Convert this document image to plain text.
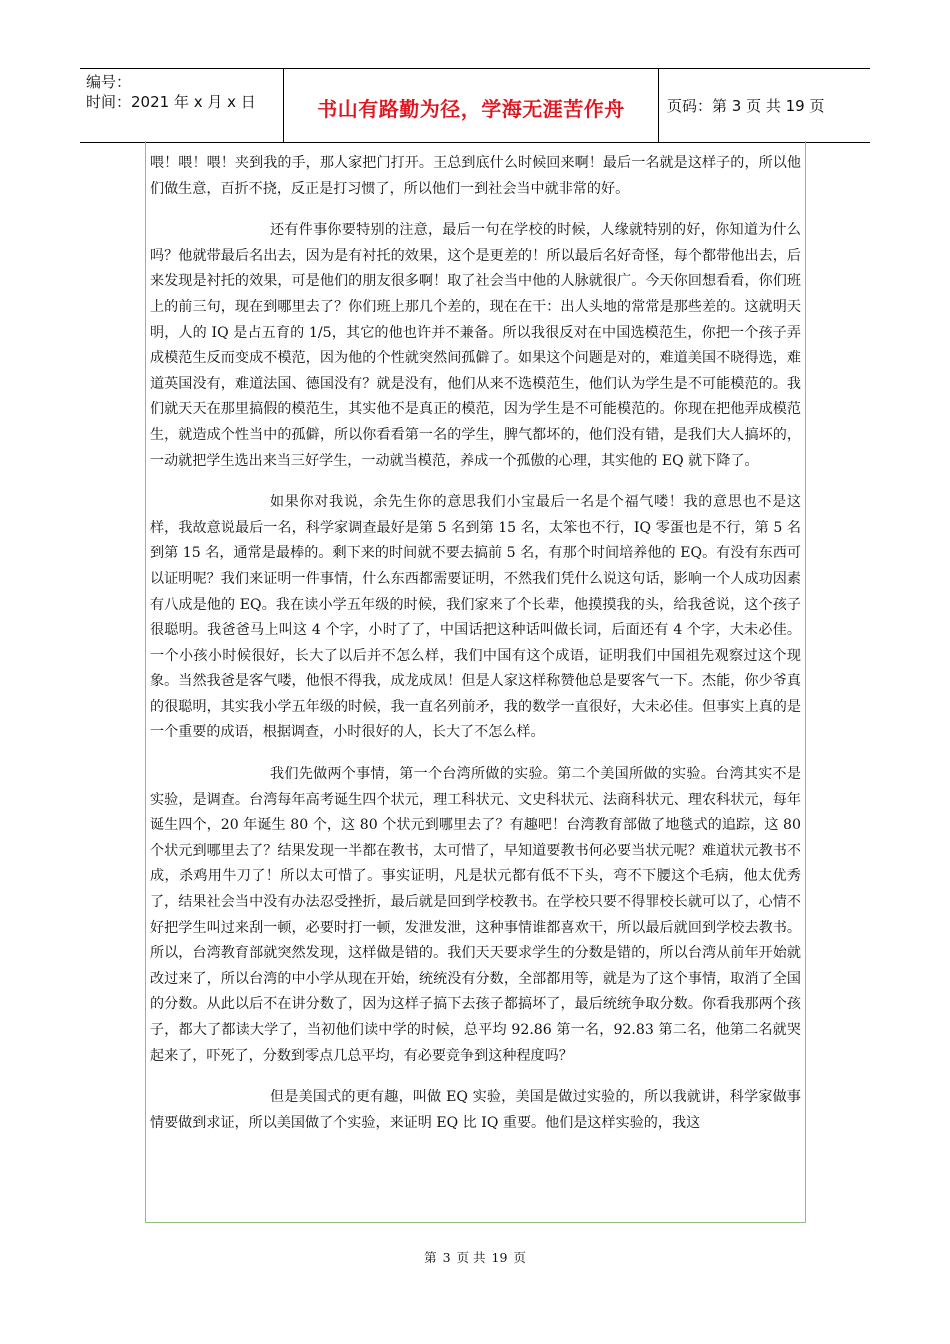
编号：
时间：2021 年 x 月 x 日	书山有路勤为径，学海无涯苦作舟	页码：第 3 页 共 19 页

喂！喂！喂！夹到我的手，那人家把门打开。王总到底什么时候回来啊！最后一名就是这样子的，所以他们做生意，百折不挠，反正是打习惯了，所以他们一到社会当中就非常的好。

还有件事你要特别的注意，最后一句在学校的时候，人缘就特别的好，你知道为什么吗？他就带最后名出去，因为是有衬托的效果，这个是更差的！所以最后名好奇怪，每个都带他出去，后来发现是衬托的效果，可是他们的朋友很多啊！取了社会当中他的人脉就很广。今天你回想看看，你们班上的前三句，现在到哪里去了？你们班上那几个差的，现在在干：出人头地的常常是那些差的。这就明天明，人的 IQ 是占五育的 1/5，其它的他也许并不兼备。所以我很反对在中国选模范生，你把一个孩子弄成模范生反而变成不模范，因为他的个性就突然间孤僻了。如果这个问题是对的，难道美国不晓得选，难道英国没有，难道法国、德国没有？就是没有，他们从来不选模范生，他们认为学生是不可能模范的。我们就天天在那里搞假的模范生，其实他不是真正的模范，因为学生是不可能模范的。你现在把他弄成模范生，就造成个性当中的孤僻，所以你看看第一名的学生，脾气都坏的，他们没有错，是我们大人搞坏的，一动就把学生选出来当三好学生，一动就当模范，养成一个孤傲的心理，其实他的 EQ 就下降了。

如果你对我说，余先生你的意思我们小宝最后一名是个福气喽！我的意思也不是这样，我故意说最后一名，科学家调查最好是第 5 名到第 15 名，太笨也不行，IQ 零蛋也是不行，第 5 名到第 15 名，通常是最棒的。剩下来的时间就不要去搞前 5 名，有那个时间培养他的 EQ。有没有东西可以证明呢？我们来证明一件事情，什么东西都需要证明，不然我们凭什么说这句话，影响一个人成功因素有八成是他的 EQ。我在读小学五年级的时候，我们家来了个长辈，他摸摸我的头，给我爸说，这个孩子很聪明。我爸爸马上叫这 4 个字，小时了了，中国话把这种话叫做长词，后面还有 4 个字，大未必佳。一个小孩小时候很好，长大了以后并不怎么样，我们中国有这个成语，证明我们中国祖先观察过这个现象。当然我爸是客气喽，他恨不得我，成龙成凤！但是人家这样称赞他总是要客气一下。杰能，你少爷真的很聪明，其实我小学五年级的时候，我一直名列前矛，我的数学一直很好，大未必佳。但事实上真的是一个重要的成语，根据调查，小时很好的人，长大了不怎么样。

我们先做两个事情，第一个台湾所做的实验。第二个美国所做的实验。台湾其实不是实验，是调查。台湾每年高考诞生四个状元，理工科状元、文史科状元、法商科状元、理农科状元，每年诞生四个，20 年诞生 80 个，这 80 个状元到哪里去了？有趣吧！台湾教育部做了地毯式的追踪，这 80 个状元到哪里去了？结果发现一半都在教书，太可惜了，早知道要教书何必要当状元呢？难道状元教书不成，杀鸡用牛刀了！所以太可惜了。事实证明，凡是状元都有低不下头，弯不下腰这个毛病，他太优秀了，结果社会当中没有办法忍受挫折，最后就是回到学校教书。在学校只要不得罪校长就可以了，心情不好把学生叫过来刮一顿，必要时打一顿，发泄发泄，这种事情谁都喜欢干，所以最后就回到学校去教书。所以，台湾教育部就突然发现，这样做是错的。我们天天要求学生的分数是错的，所以台湾从前年开始就改过来了，所以台湾的中小学从现在开始，统统没有分数，全部都用等，就是为了这个事情，取消了全国的分数。从此以后不在讲分数了，因为这样子搞下去孩子都搞坏了，最后统统争取分数。你看我那两个孩子，都大了都读大学了，当初他们读中学的时候，总平均 92.86 第一名，92.83 第二名，他第二名就哭起来了，吓死了，分数到零点几总平均，有必要竞争到这种程度吗？

但是美国式的更有趣，叫做 EQ 实验，美国是做过实验的，所以我就讲，科学家做事情要做到求证，所以美国做了个实验，来证明 EQ 比 IQ 重要。他们是这样实验的，我这

第 3 页 共 19 页
